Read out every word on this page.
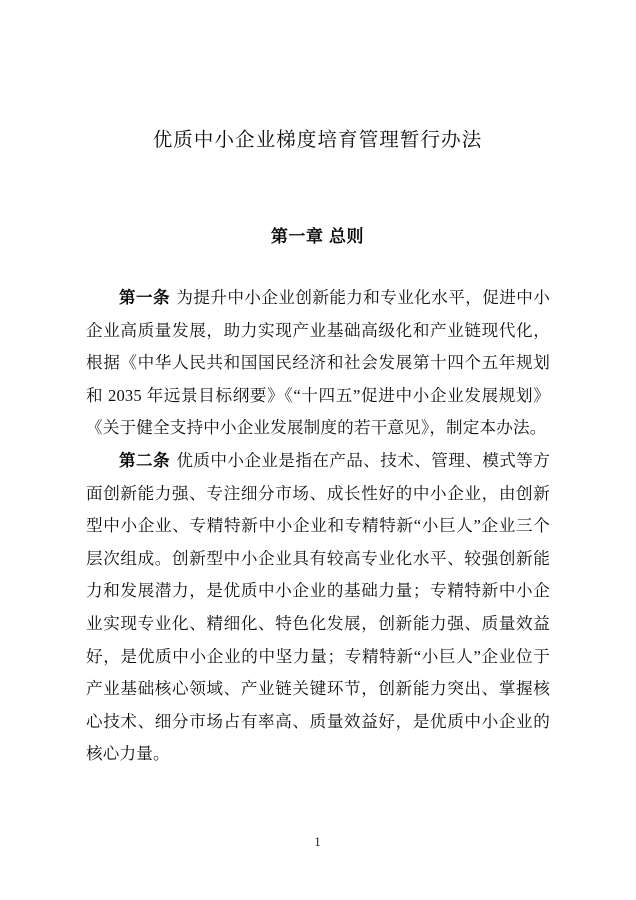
优质中小企业梯度培育管理暂行办法
第一章 总则

第一条 为提升中小企业创新能力和专业化水平，促进中小企业高质量发展，助力实现产业基础高级化和产业链现代化，根据《中华人民共和国国民经济和社会发展第十四个五年规划和 2035 年远景目标纲要》《“十四五”促进中小企业发展规划》《关于健全支持中小企业发展制度的若干意见》，制定本办法。

第二条 优质中小企业是指在产品、技术、管理、模式等方面创新能力强、专注细分市场、成长性好的中小企业，由创新型中小企业、专精特新中小企业和专精特新“小巨人”企业三个层次组成。创新型中小企业具有较高专业化水平、较强创新能力和发展潜力，是优质中小企业的基础力量；专精特新中小企业实现专业化、精细化、特色化发展，创新能力强、质量效益好，是优质中小企业的中坚力量；专精特新“小巨人”企业位于产业基础核心领域、产业链关键环节，创新能力突出、掌握核心技术、细分市场占有率高、质量效益好，是优质中小企业的核心力量。

1
